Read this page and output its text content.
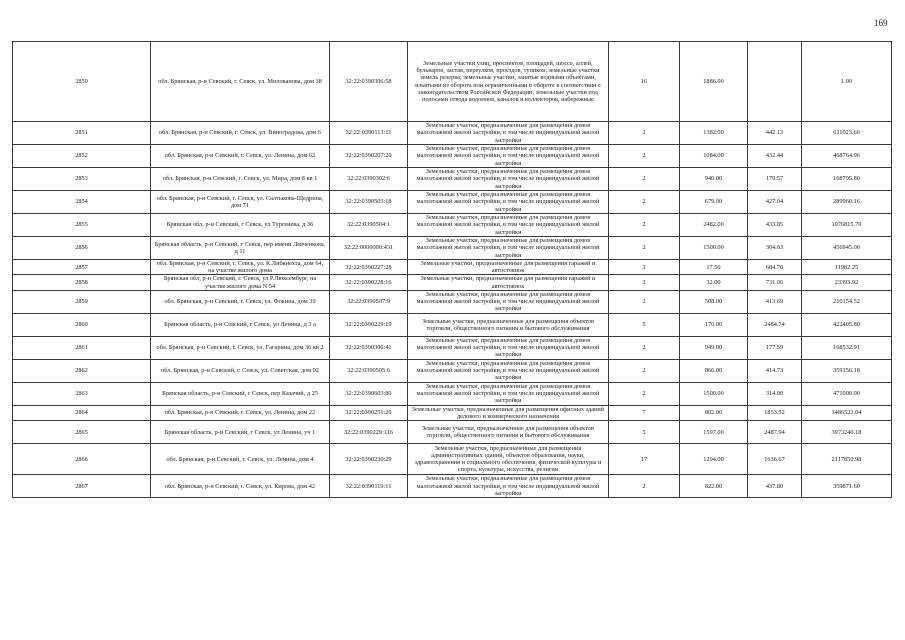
169
2850	обл. Брянская, р-н Севский, г. Севск, ул. Милованова, дом 38	32:22:0390306:58	Земельные участки улиц, проспектов, площадей, шоссе, аллей, бульваров, застав, переулков, проездов, тупиков; земельные участки земель резерва; земельные участки, занятые водными объектами, изъятыми из оборота или ограниченными в обороте в соответствии с законодательством Российской Федерации; земельные участки под полосами отвода водоемов, каналов и коллекторов, набережные	16	1886.00		1.00
2851	обл. Брянская, р-н Севский, г. Севск, ул. Виноградова, дом 6	32:22:0390113:11	Земельные участки, предназначенные для размещения домов малоэтажной жилой застройки, в том числе индивидуальной жилой застройки	2	1382.00	442.13	611023.66
2852	обл. Брянская, р-н Севский, г. Севск, ул. Ленина, дом 62	32:22:0390207:20	Земельные участки, предназначенные для размещения домов малоэтажной жилой застройки, в том числе индивидуальной жилой застройки	2	1084.00	432.44	468764.96
2853	обл. Брянская, р-н Севский, г. Севск, ул. Мира, дом 8 кв 1	32:22:0390302:6	Земельные участки, предназначенные для размещения домов малоэтажной жилой застройки, в том числе индивидуальной жилой застройки	2	940.00	179.57	168795.80
2854	обл. Брянская, р-н Севский, г. Севск, ул. Салтыкова-Щедрина, дом 71	32:22:0390503:18	Земельные участки, предназначенные для размещения домов малоэтажной жилой застройки, в том числе индивидуальной жилой застройки	2	679.00	427.04	289960.16
2855	Брянская обл, р-н Севский, г Севск, ул Тургенева, д 36	32:22:0390504:1	Земельные участки, предназначенные для размещения домов малоэтажной жилой застройки, в том числе индивидуальной жилой застройки	2	2482.00	433.85	1076815.70
2856	Брянская область, р-н Севский, г Севск, пер имени Левченкова, д 11	32:22:0000000:431	Земельные участки, предназначенные для размещения домов малоэтажной жилой застройки, в том числе индивидуальной жилой застройки	2	1500.00	304.63	456945.00
2857	обл. Брянская, р-н Севский, г. Севск, ул. К.Либкнехта, дом 64, на участке жилого дома	32:22:0390227:28	Земельные участки, предназначенные для размещения гаражей и автостоянок	3	17.50	684.70	11982.25
2858	Брянская обл, р-н Севский, г. Севск, ул Р.Люксембург, на участке жилого дома N 54	32:22:0390228:16	Земельные участки, предназначенные для размещения гаражей и автостоянок	3	32.00	731.06	23393.92
2859	обл. Брянская, р-н Севский, г. Севск, ул. Фокина, дом 39	32:22:0390507:9	Земельные участки, предназначенные для размещения домов малоэтажной жилой застройки, в том числе индивидуальной жилой застройки	2	508.00	413.69	210154.52
2860	Брянская область, р-н Севский, г Севск, ул Ленина, д 3 а	32:22:0390229:19	Земельные участки, предназначенные для размещения объектов торговли, общественного питания и бытового обслуживания	5	170.00	2484.74	422405.80
2861	обл. Брянская, р-н Севский, г. Севск, ул. Гагарина, дом 36 кв 2	32:22:0390306:41	Земельные участки, предназначенные для размещения домов малоэтажной жилой застройки, в том числе индивидуальной жилой застройки	2	949.00	177.59	168532.91
2862	обл. Брянская, р-н Севский, г. Севск, ул. Советская, дом 92	32:22:0390505:6	Земельные участки, предназначенные для размещения домов малоэтажной жилой застройки, в том числе индивидуальной жилой застройки	2	866.00	414.73	359156.18
2863	Брянская область, р-н Севский, г Севск, пер Казачий, д 25	32:22:0390603:80	Земельные участки, предназначенные для размещения домов малоэтажной жилой застройки, в том числе индивидуальной жилой застройки	2	1500.00	314.00	471000.00
2864	обл. Брянская, р-н Севский, г. Севск, ул. Ленина, дом 22	32:22:0390251:20	Земельные участки, предназначенные для размещения офисных зданий делового и коммерческого назначения	7	802.00	1853.52	1486523.04
2865	Брянская область, р-н Севский, г Севск, ул Ленина, уч 1	32:22:0390229:116	Земельные участки, предназначенные для размещения объектов торговли, общественного питания и бытового обслуживания	5	1597.00	2487.94	3973240.18
2866	обл. Брянская, р-н Севский, г. Севск, ул. Ленина, дом 4	32:22:0390230:29	Земельные участки, предназначенные для размещения административных зданий, объектов образования, науки, здравоохранения и социального обеспечения, физической культуры и спорта, культуры, искусства, религии	17	1294.00	1636.67	2117850.98
2867	обл. Брянская, р-н Севский, г. Севск, ул. Кирова, дом 42	32:22:0390119:11	Земельные участки, предназначенные для размещения домов малоэтажной жилой застройки, в том числе индивидуальной жилой застройки	2	822.00	437.80	359871.60
